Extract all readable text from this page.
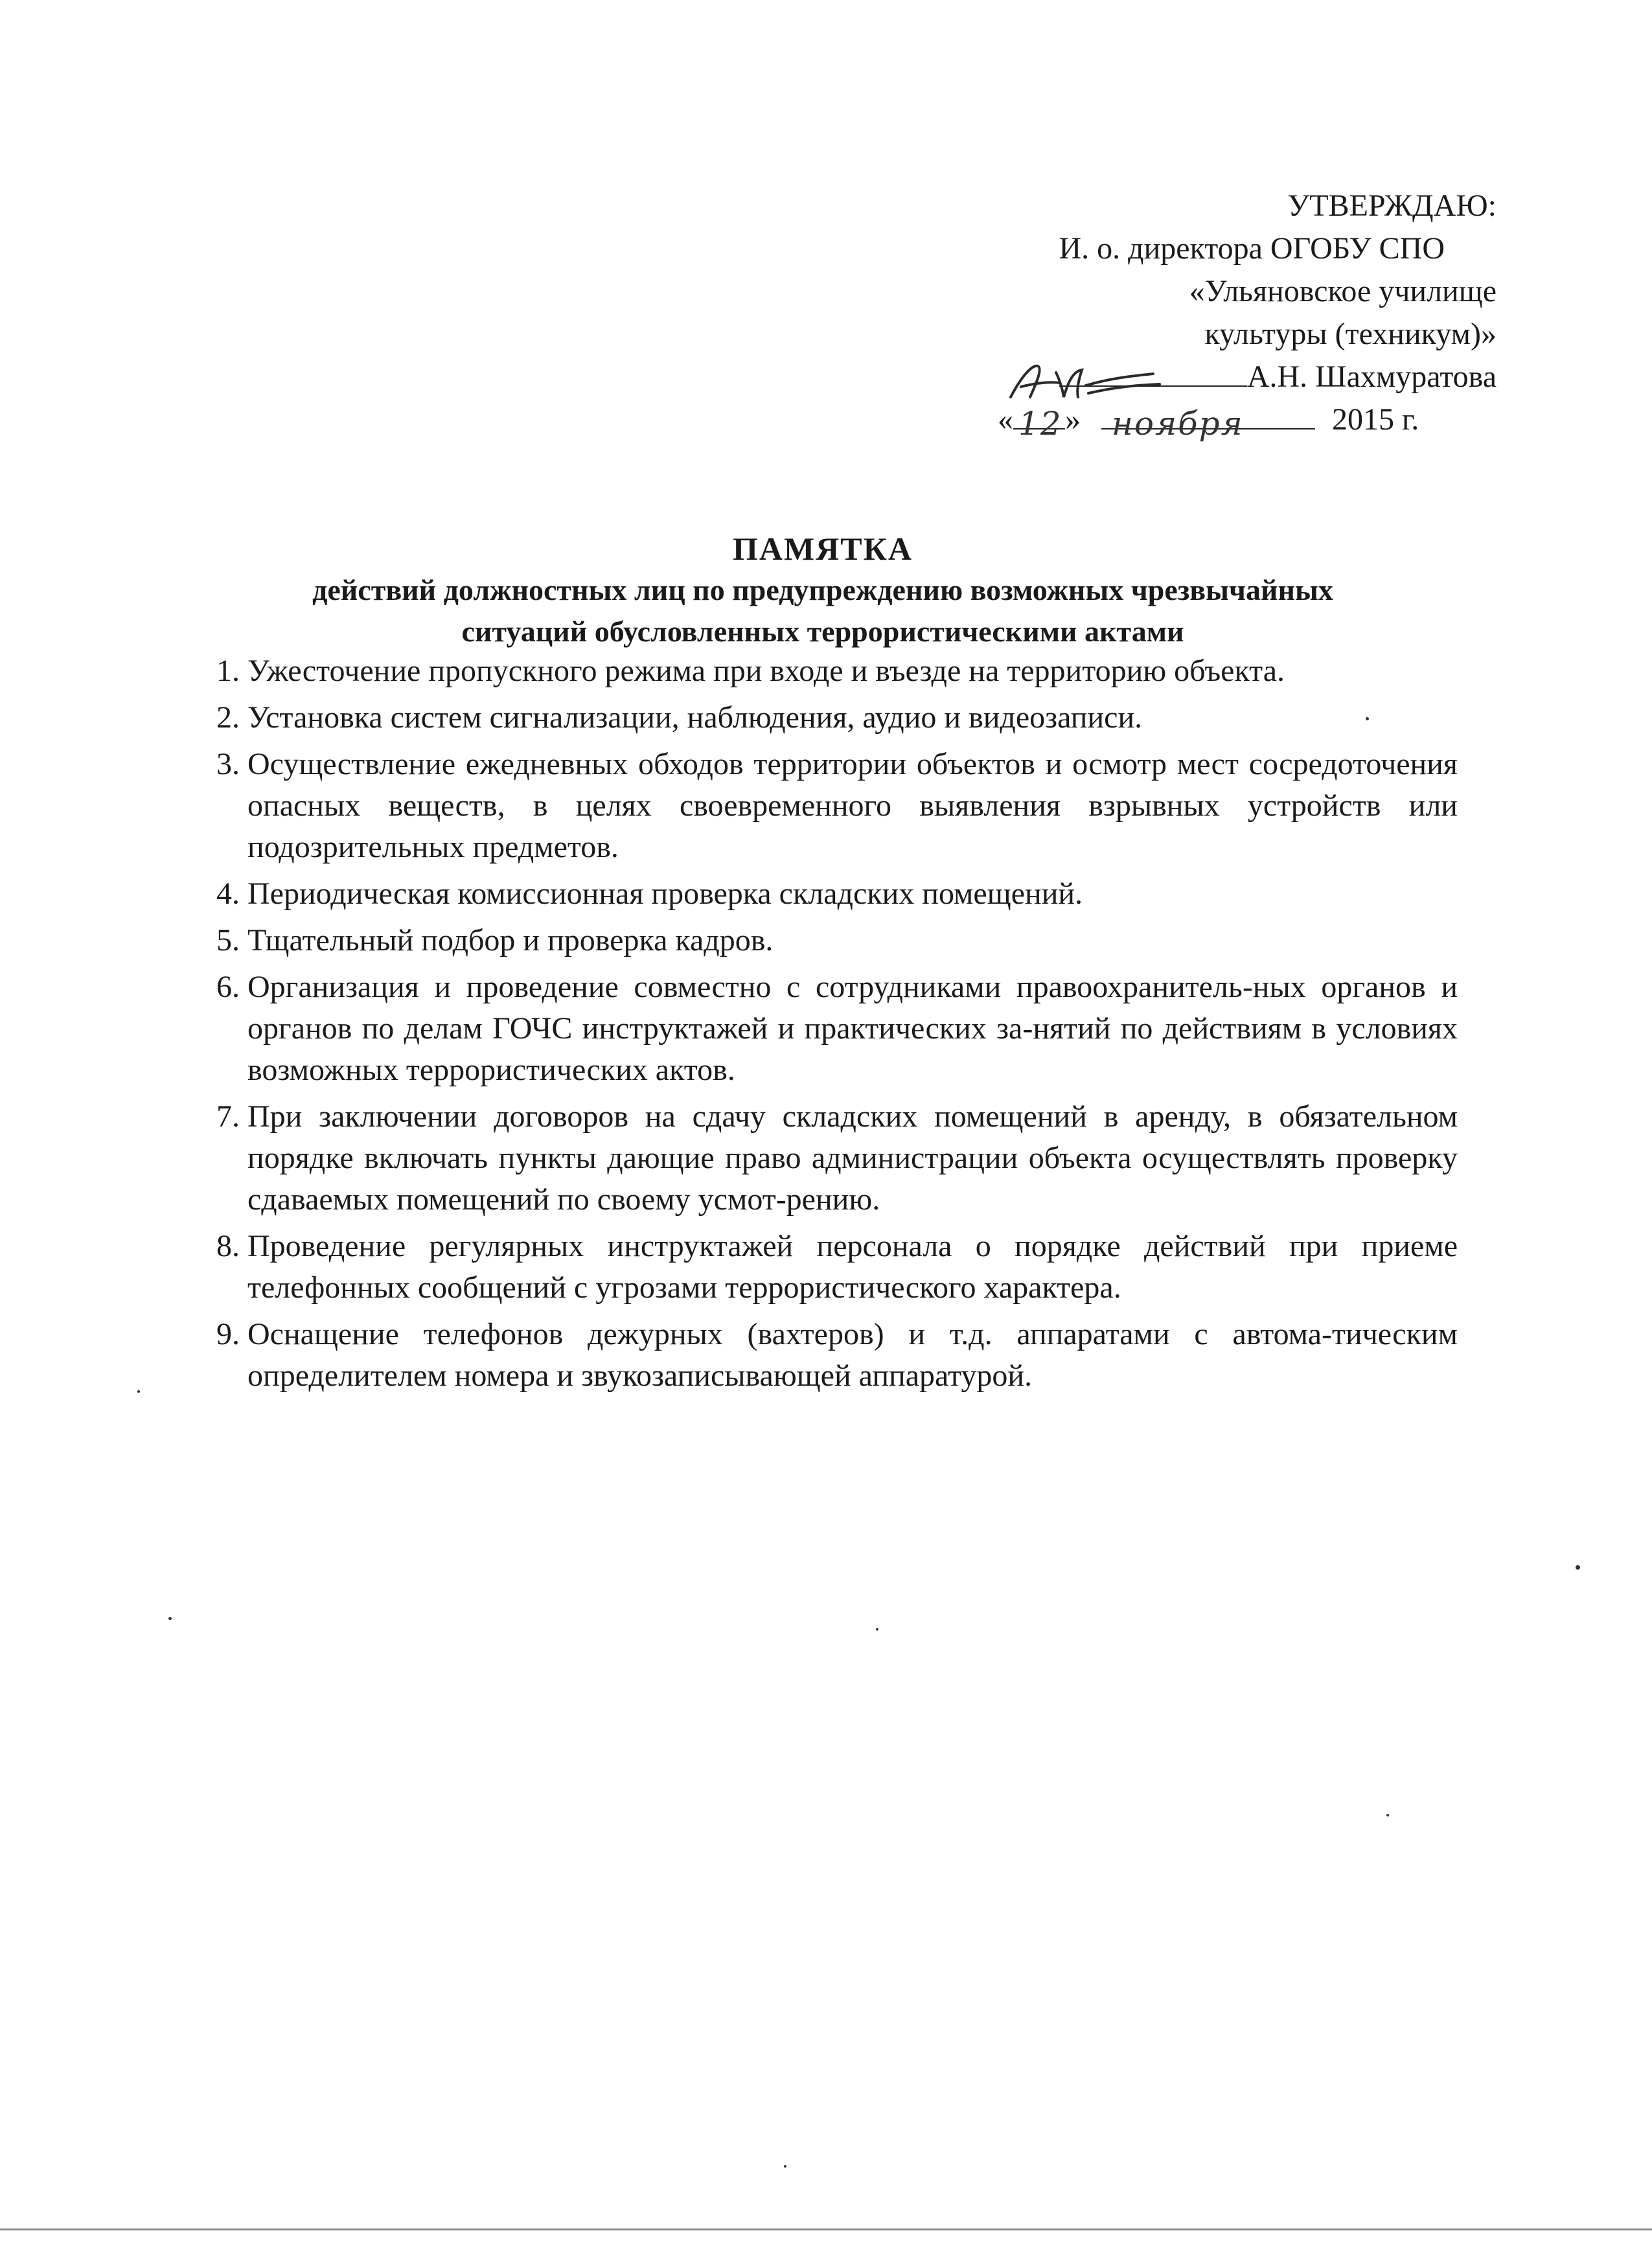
УТВЕРЖДАЮ:
И. о. директора ОГОБУ СПО
«Ульяновское училище
культуры (техникум)»
А.Н. Шахмуратова
« 12 » ноября	2015 г.
ПАМЯТКА
действий должностных лиц по предупреждению возможных чрезвычайных
ситуаций обусловленных террористическими актами
1. Ужесточение пропускного режима при входе и въезде на территорию объекта.
2. Установка систем сигнализации, наблюдения, аудио и видеозаписи.
3. Осуществление ежедневных обходов территории объектов и осмотр мест сосредоточения опасных веществ, в целях своевременного выявления взрывных устройств или подозрительных предметов.
4. Периодическая комиссионная проверка складских помещений.
5. Тщательный подбор и проверка кадров.
6. Организация и проведение совместно с сотрудниками правоохранитель-ных органов и органов по делам ГОЧС инструктажей и практических за-нятий по действиям в условиях возможных террористических актов.
7. При заключении договоров на сдачу складских помещений в аренду, в обязательном порядке включать пункты дающие право администрации объекта осуществлять проверку сдаваемых помещений по своему усмот-рению.
8. Проведение регулярных инструктажей персонала о порядке действий при приеме телефонных сообщений с угрозами террористического характера.
9. Оснащение телефонов дежурных (вахтеров) и т.д. аппаратами с автома-тическим определителем номера и звукозаписывающей аппаратурой.
